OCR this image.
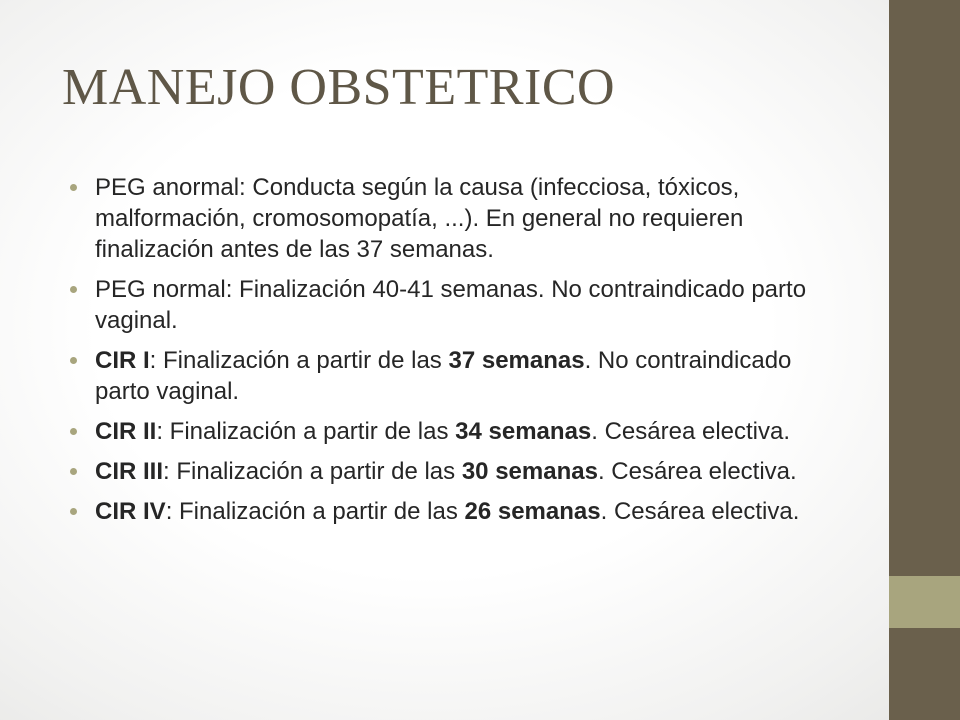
MANEJO OBSTETRICO
PEG anormal: Conducta según la causa (infecciosa, tóxicos, malformación, cromosomopatía, ...). En general no requieren finalización antes de las 37 semanas.
PEG normal: Finalización 40-41 semanas. No contraindicado parto vaginal.
CIR I: Finalización a partir de las 37 semanas. No contraindicado parto vaginal.
CIR II: Finalización a partir de las 34 semanas. Cesárea electiva.
CIR III: Finalización a partir de las 30 semanas. Cesárea electiva.
CIR IV: Finalización a partir de las 26 semanas. Cesárea electiva.
